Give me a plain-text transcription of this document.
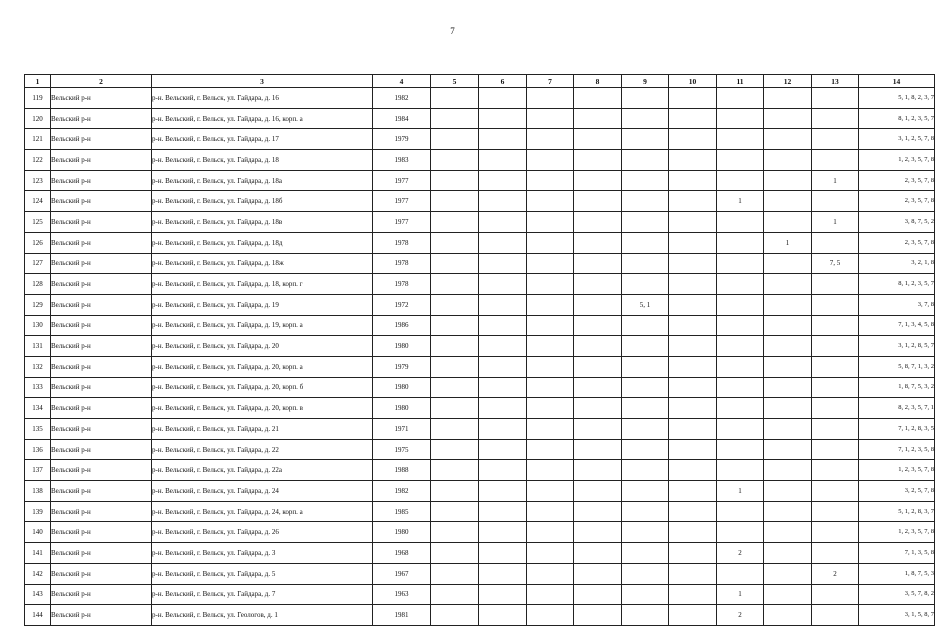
7
1	2	3	4	5	6	7	8	9	10	11	12	13	14
119	Вельский р-н	р-н. Вельский, г. Вельск, ул. Гайдара, д. 16	1982										5, 1, 8, 2, 3, 7
120	Вельский р-н	р-н. Вельский, г. Вельск, ул. Гайдара, д. 16, корп. а	1984										8, 1, 2, 3, 5, 7
121	Вельский р-н	р-н. Вельский, г. Вельск, ул. Гайдара, д. 17	1979										3, 1, 2, 5, 7, 8
122	Вельский р-н	р-н. Вельский, г. Вельск, ул. Гайдара, д. 18	1983										1, 2, 3, 5, 7, 8
123	Вельский р-н	р-н. Вельский, г. Вельск, ул. Гайдара, д. 18а	1977									1	2, 3, 5, 7, 8
124	Вельский р-н	р-н. Вельский, г. Вельск, ул. Гайдара, д. 18б	1977							1			2, 3, 5, 7, 8
125	Вельский р-н	р-н. Вельский, г. Вельск, ул. Гайдара, д. 18в	1977									1	3, 8, 7, 5, 2
126	Вельский р-н	р-н. Вельский, г. Вельск, ул. Гайдара, д. 18д	1978								1		2, 3, 5, 7, 8
127	Вельский р-н	р-н. Вельский, г. Вельск, ул. Гайдара, д. 18ж	1978									7, 5	3, 2, 1, 8
128	Вельский р-н	р-н. Вельский, г. Вельск, ул. Гайдара, д. 18, корп. г	1978										8, 1, 2, 3, 5, 7
129	Вельский р-н	р-н. Вельский, г. Вельск, ул. Гайдара, д. 19	1972					5, 1					3, 7, 8
130	Вельский р-н	р-н. Вельский, г. Вельск, ул. Гайдара, д. 19, корп. а	1986										7, 1, 3, 4, 5, 8
131	Вельский р-н	р-н. Вельский, г. Вельск, ул. Гайдара, д. 20	1980										3, 1, 2, 8, 5, 7
132	Вельский р-н	р-н. Вельский, г. Вельск, ул. Гайдара, д. 20, корп. а	1979										5, 8, 7, 1, 3, 2
133	Вельский р-н	р-н. Вельский, г. Вельск, ул. Гайдара, д. 20, корп. б	1980										1, 8, 7, 5, 3, 2
134	Вельский р-н	р-н. Вельский, г. Вельск, ул. Гайдара, д. 20, корп. в	1980										8, 2, 3, 5, 7, 1
135	Вельский р-н	р-н. Вельский, г. Вельск, ул. Гайдара, д. 21	1971										7, 1, 2, 8, 3, 5
136	Вельский р-н	р-н. Вельский, г. Вельск, ул. Гайдара, д. 22	1975										7, 1, 2, 3, 5, 8
137	Вельский р-н	р-н. Вельский, г. Вельск, ул. Гайдара, д. 22а	1988										1, 2, 3, 5, 7, 8
138	Вельский р-н	р-н. Вельский, г. Вельск, ул. Гайдара, д. 24	1982							1			3, 2, 5, 7, 8
139	Вельский р-н	р-н. Вельский, г. Вельск, ул. Гайдара, д. 24, корп. а	1985										5, 1, 2, 8, 3, 7
140	Вельский р-н	р-н. Вельский, г. Вельск, ул. Гайдара, д. 26	1980										1, 2, 3, 5, 7, 8
141	Вельский р-н	р-н. Вельский, г. Вельск, ул. Гайдара, д. 3	1968							2			7, 1, 3, 5, 8
142	Вельский р-н	р-н. Вельский, г. Вельск, ул. Гайдара, д. 5	1967									2	1, 8, 7, 5, 3
143	Вельский р-н	р-н. Вельский, г. Вельск, ул. Гайдара, д. 7	1963							1			3, 5, 7, 8, 2
144	Вельский р-н	р-н. Вельский, г. Вельск, ул. Геологов, д. 1	1981							2			3, 1, 5, 8, 7
